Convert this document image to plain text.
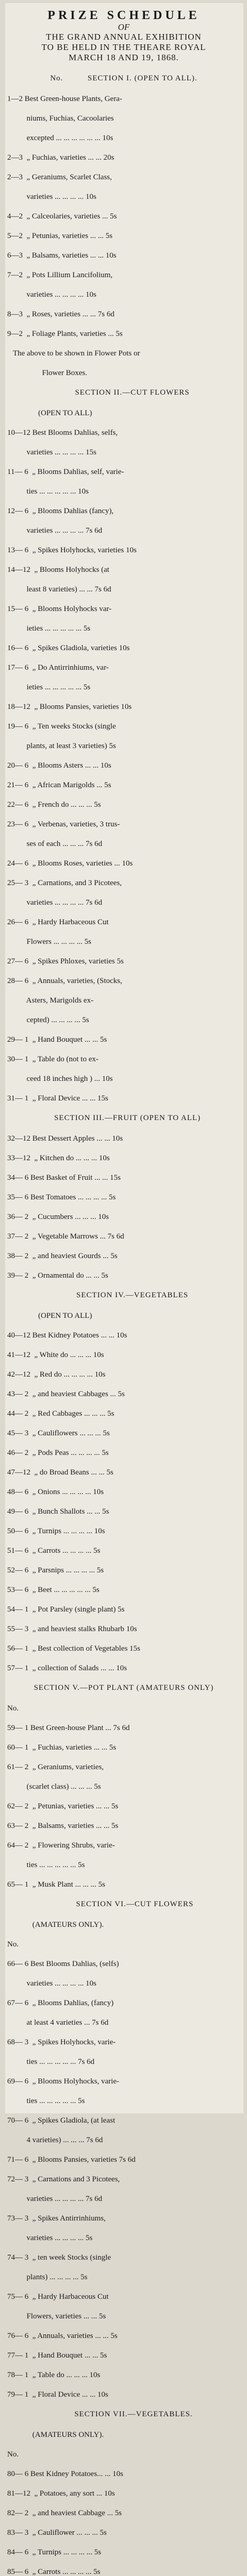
PRIZE SCHEDULE
OF
THE GRAND ANNUAL EXHIBITION
TO BE HELD IN THE THEARE ROYAL
MARCH 18 AND 19, 1868.
No.          SECTION I. (OPEN TO ALL).
1—2 Best Green-house Plants, Gera-
niums, Fuchias, Cacoolaries
excepted ... ... ... ... ... ... 10s
2—3  „ Fuchias, varieties ... ... 20s
2—3  „ Geraniums, Scarlet Class,
varieties ... ... ... ... 10s
4—2  „ Calceolaries, varieties ... 5s
5—2  „ Petunias, varieties ... ... 5s
6—3  „ Balsams, varieties ... ... 10s
7—2  „ Pots Lillium Lancifolium,
varieties ... ... ... ... 10s
8—3  „ Roses, varieties ... ... 7s 6d
9—2  „ Foliage Plants, varieties ... 5s
The above to be shown in Flower Pots or
Flower Boxes.
SECTION II.—CUT FLOWERS
(OPEN TO ALL)
10—12 Best Blooms Dahlias, selfs,
varieties ... ... ... ... 15s
11— 6  „ Blooms Dahlias, self, varie-
ties ... ... ... ... ... 10s
12— 6  „ Blooms Dahlias (fancy),
varieties ... ... ... ... 7s 6d
13— 6  „ Spikes Holyhocks, varieties 10s
14—12  „ Blooms Holyhocks (at
least 8 varieties) ... ... 7s 6d
15— 6  „ Blooms Holyhocks var-
ieties ... ... ... ... ... 5s
16— 6  „ Spikes Gladiola, varieties 10s
17— 6  „ Do Antirrinhiums, var-
ieties ... ... ... ... ... 5s
18—12  „ Blooms Pansies, varieties 10s
19— 6  „ Ten weeks Stocks (single
plants, at least 3 varieties) 5s
20— 6  „ Blooms Asters ... ... 10s
21— 6  „ African Marigolds ... 5s
22— 6  „ French do ... ... ... 5s
23— 6  „ Verbenas, varieties, 3 trus-
ses of each ... ... ... 7s 6d
24— 6  „ Blooms Roses, varieties ... 10s
25— 3  „ Carnations, and 3 Picotees,
varieties ... ... ... ... 7s 6d
26— 6  „ Hardy Harbaceous Cut
Flowers ... ... ... ... 5s
27— 6  „ Spikes Phloxes, varieties 5s
28— 6  „ Annuals, varieties, (Stocks,
Asters, Marigolds ex-
cepted) ... ... ... ... 5s
29— 1  „ Hand Bouquet ... ... 5s
30— 1  „ Table do (not to ex-
ceed 18 inches high ) ... 10s
31— 1  „ Floral Device ... ... 15s
SECTION III.—FRUIT (OPEN TO ALL)
32—12 Best Dessert Apples ... ... 10s
33—12  „ Kitchen do ... ... ... 10s
34— 6 Best Basket of Fruit ... ... 15s
35— 6 Best Tomatoes ... ... ... ... 5s
36— 2  „ Cucumbers ... ... ... 10s
37— 2  „ Vegetable Marrows ... 7s 6d
38— 2  „ and heaviest Gourds ... 5s
39— 2  „ Ornamental do ... ... 5s
SECTION IV.—VEGETABLES
(OPEN TO ALL)
40—12 Best Kidney Potatoes ... ... 10s
41—12  „ White do ... ... ... 10s
42—12  „ Red do ... ... ... ... 10s
43— 2  „ and heaviest Cabbages ... 5s
44— 2  „ Red Cabbages ... ... ... 5s
45— 3  „ Cauliflowers ... ... ... 5s
46— 2  „ Pods Peas ... ... ... ... 5s
47—12  „ do Broad Beans ... ... 5s
48— 6  „ Onions ... ... ... ... 10s
49— 6  „ Bunch Shallots ... ... 5s
50— 6  „ Turnips ... ... ... ... 10s
51— 6  „ Carrots ... ... ... ... 5s
52— 6  „ Parsnips ... ... ... ... 5s
53— 6  „ Beet ... ... ... ... ... 5s
54— 1  „ Pot Parsley (single plant) 5s
55— 3  „ and heaviest stalks Rhubarb 10s
56— 1  „ Best collection of Vegetables 15s
57— 1  „ collection of Salads ... ... 10s
SECTION V.—POT PLANT (AMATEURS ONLY)
No.
59— 1 Best Green-house Plant ... 7s 6d
60— 1  „ Fuchias, varieties ... ... 5s
61— 2  „ Geraniums, varieties,
(scarlet class) ... ... ... 5s
62— 2  „ Petunias, varieties ... ... 5s
63— 2  „ Balsams, varieties ... ... 5s
64— 2  „ Flowering Shrubs, varie-
ties ... ... ... ... ... 5s
65— 1  „ Musk Plant ... ... ... 5s
SECTION VI.—CUT FLOWERS
(AMATEURS ONLY).
No.
66— 6 Best Blooms Dahlias, (selfs)
varieties ... ... ... ... 10s
67— 6  „ Blooms Dahlias, (fancy)
at least 4 varieties ... 7s 6d
68— 3  „ Spikes Holyhocks, varie-
ties ... ... ... ... ... 7s 6d
69— 6  „ Blooms Holyhocks, varie-
ties ... ... ... ... ... 5s
70— 6  „ Spikes Gladiola, (at least
4 varieties) ... ... ... 7s 6d
71— 6  „ Blooms Pansies, varieties 7s 6d
72— 3  „ Carnations and 3 Picotees,
varieties ... ... ... ... 7s 6d
73— 3  „ Spikes Antirrinhiums,
varieties ... ... ... ... 5s
74— 3  „ ten week Stocks (single
plants) ... ... ... ... 5s
75— 6  „ Hardy Harbaceous Cut
Flowers, varieties ... ... 5s
76— 6  „ Annuals, varieties ... ... 5s
77— 1  „ Hand Bouquet ... ... 5s
78— 1  „ Table do ... ... ... 10s
79— 1  „ Floral Device ... ... 10s
SECTION VII.—VEGETABLES.
(AMATEURS ONLY).
No.
80— 6 Best Kidney Potatoes... ... 10s
81—12  „ Potatoes, any sort ... 10s
82— 2  „ and heaviest Cabbage ... 5s
83— 3  „ Cauliflower ... ... ... 5s
84— 6  „ Turnips ... ... ... ... 5s
85— 6  „ Carrots ... ... ... ... 5s
